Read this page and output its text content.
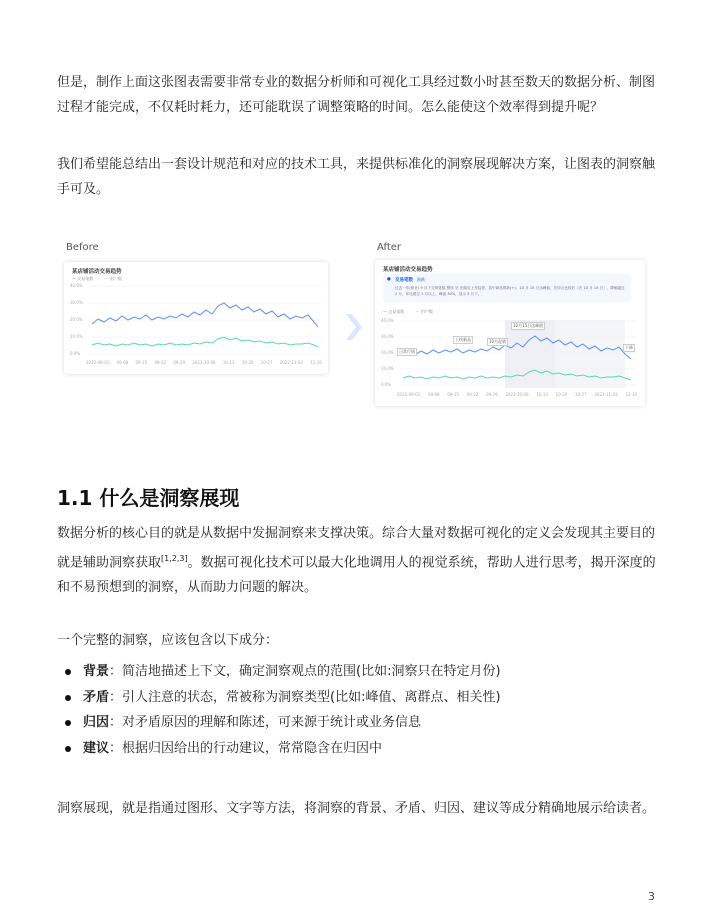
但是，制作上面这张图表需要非常专业的数据分析师和可视化工具经过数小时甚至数天的数据分析、制图过程才能完成，不仅耗时耗力，还可能耽误了调整策略的时间。怎么能使这个效率得到提升呢？
我们希望能总结出一套设计规范和对应的技术工具，来提供标准化的洞察展现解决方案，让图表的洞察触手可及。
Before
某店铺活动交易趋势
— 交易笔数	— 用户数
40.0%
30.0%
20.0%
10.0%
0.0%
2022-09-01 09-08 09-15 09-22 09-29 2022-10-06 10-13 10-20 10-27 2022-11-03 11-10
After
某店铺活动交易趋势
● 交易笔数 涨跌
过去一年(统计) 9 月下交易笔数 整体 呈 先稳后上升趋势，其中商品推新(+)。10 月 15 日达峰值，在综合比较后（在 10 月 15 日），降幅超过 2 月，环比超过 1 月以上，峰值 30%，显示 3 月下。
— 交易笔数	— 用户数
40.0%
30.0%
20.0%
10.0%
0.0%
日常行情
上线新品	10月促销
10月15日达峰值
下降
2022-09-01 09-08 09-15 09-22 09-29 2022-10-06 10-13 10-20 10-27 2022-11-03 11-10
1.1 什么是洞察展现
数据分析的核心目的就是从数据中发掘洞察来支撑决策。综合大量对数据可视化的定义会发现其主要目的就是辅助洞察获取[1,2,3]。数据可视化技术可以最大化地调用人的视觉系统，帮助人进行思考，揭开深度的和不易预想到的洞察，从而助力问题的解决。
一个完整的洞察，应该包含以下成分：
背景：简洁地描述上下文，确定洞察观点的范围(比如:洞察只在特定月份)
矛盾：引人注意的状态，常被称为洞察类型(比如:峰值、离群点、相关性)
归因：对矛盾原因的理解和陈述，可来源于统计或业务信息
建议：根据归因给出的行动建议，常常隐含在归因中
洞察展现，就是指通过图形、文字等方法，将洞察的背景、矛盾、归因、建议等成分精确地展示给读者。
3
